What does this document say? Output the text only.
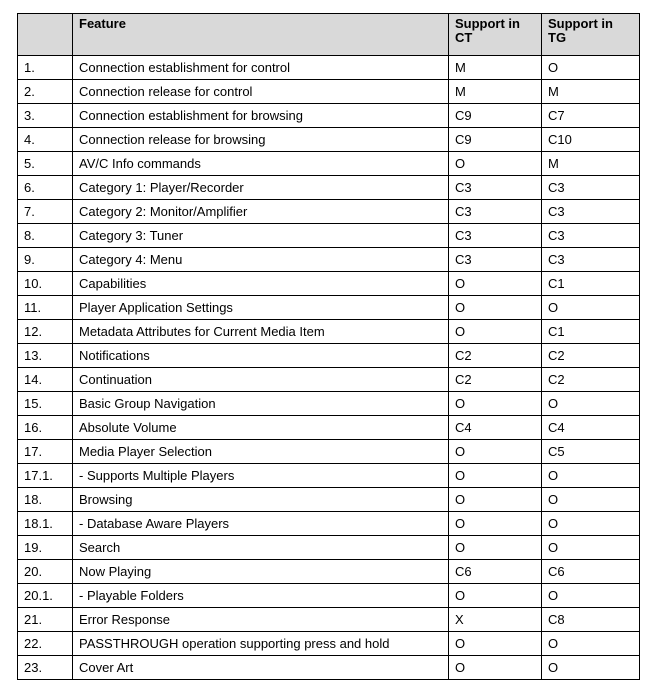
	Feature	Support in CT	Support in TG
1.	Connection establishment for control	M	O
2.	Connection release for control	M	M
3.	Connection establishment for browsing	C9	C7
4.	Connection release for browsing	C9	C10
5.	AV/C Info commands	O	M
6.	Category 1: Player/Recorder	C3	C3
7.	Category 2: Monitor/Amplifier	C3	C3
8.	Category 3: Tuner	C3	C3
9.	Category 4: Menu	C3	C3
10.	Capabilities	O	C1
11.	Player Application Settings	O	O
12.	Metadata Attributes for Current Media Item	O	C1
13.	Notifications	C2	C2
14.	Continuation	C2	C2
15.	Basic Group Navigation	O	O
16.	Absolute Volume	C4	C4
17.	Media Player Selection	O	C5
17.1.	- Supports Multiple Players	O	O
18.	Browsing	O	O
18.1.	- Database Aware Players	O	O
19.	Search	O	O
20.	Now Playing	C6	C6
20.1.	- Playable Folders	O	O
21.	Error Response	X	C8
22.	PASSTHROUGH operation supporting press and hold	O	O
23.	Cover Art	O	O
